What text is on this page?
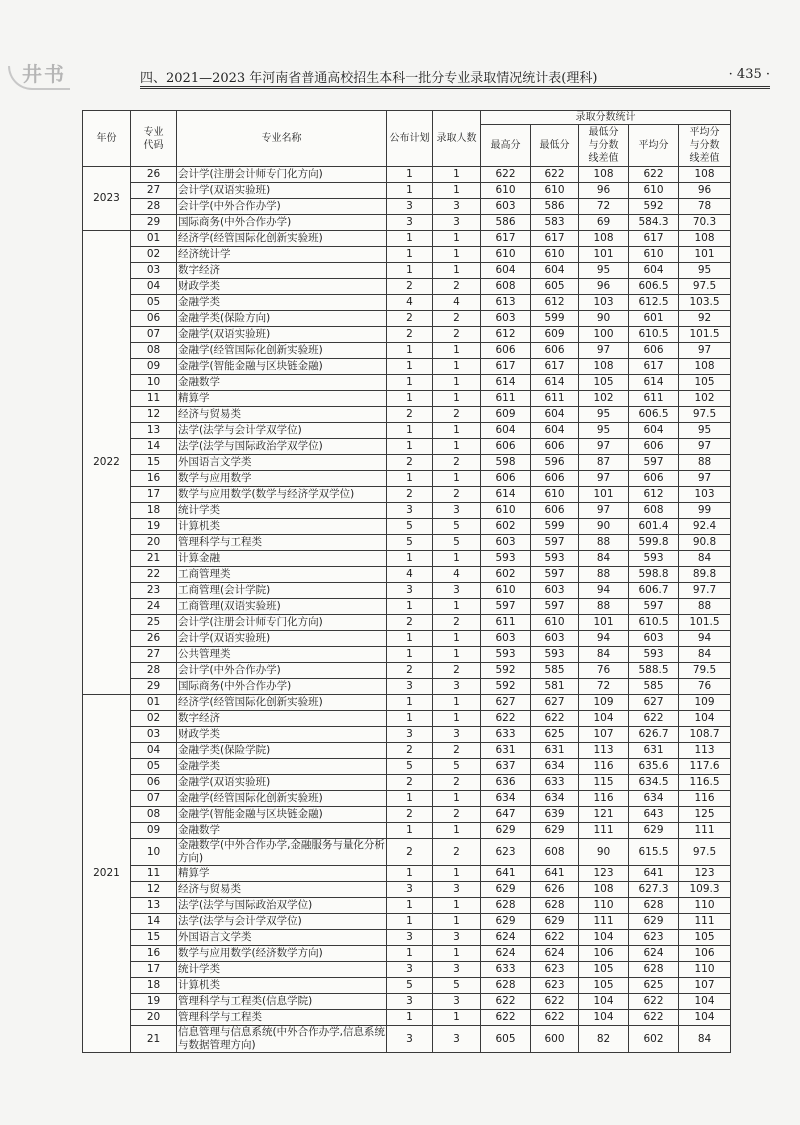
井书	四、2021—2023 年河南省普通高校招生本科一批分专业录取情况统计表(理科)	· 435 ·
年份	专业代码	专业名称	公布计划	录取人数	录取分数统计				
					最高分	最低分	最低分与分数线差值	平均分	平均分与分数线差值

2023	26	会计学(注册会计师专门化方向)	1	1	622	622	108	622	108
	27	会计学(双语实验班)	1	1	610	610	96	610	96
	28	会计学(中外合作办学)	3	3	603	586	72	592	78
	29	国际商务(中外合作办学)	3	3	586	583	69	584.3	70.3
2022	01	经济学(经管国际化创新实验班)	1	1	617	617	108	617	108
	02	经济统计学	1	1	610	610	101	610	101
	03	数字经济	1	1	604	604	95	604	95
	04	财政学类	2	2	608	605	96	606.5	97.5
	05	金融学类	4	4	613	612	103	612.5	103.5
	06	金融学类(保险方向)	2	2	603	599	90	601	92
	07	金融学(双语实验班)	2	2	612	609	100	610.5	101.5
	08	金融学(经管国际化创新实验班)	1	1	606	606	97	606	97
	09	金融学(智能金融与区块链金融)	1	1	617	617	108	617	108
	10	金融数学	1	1	614	614	105	614	105
	11	精算学	1	1	611	611	102	611	102
	12	经济与贸易类	2	2	609	604	95	606.5	97.5
	13	法学(法学与会计学双学位)	1	1	604	604	95	604	95
	14	法学(法学与国际政治学双学位)	1	1	606	606	97	606	97
	15	外国语言文学类	2	2	598	596	87	597	88
	16	数学与应用数学	1	1	606	606	97	606	97
	17	数学与应用数学(数学与经济学双学位)	2	2	614	610	101	612	103
	18	统计学类	3	3	610	606	97	608	99
	19	计算机类	5	5	602	599	90	601.4	92.4
	20	管理科学与工程类	5	5	603	597	88	599.8	90.8
	21	计算金融	1	1	593	593	84	593	84
	22	工商管理类	4	4	602	597	88	598.8	89.8
	23	工商管理(会计学院)	3	3	610	603	94	606.7	97.7
	24	工商管理(双语实验班)	1	1	597	597	88	597	88
	25	会计学(注册会计师专门化方向)	2	2	611	610	101	610.5	101.5
	26	会计学(双语实验班)	1	1	603	603	94	603	94
	27	公共管理类	1	1	593	593	84	593	84
	28	会计学(中外合作办学)	2	2	592	585	76	588.5	79.5
	29	国际商务(中外合作办学)	3	3	592	581	72	585	76
2021	01	经济学(经管国际化创新实验班)	1	1	627	627	109	627	109
	02	数字经济	1	1	622	622	104	622	104
	03	财政学类	3	3	633	625	107	626.7	108.7
	04	金融学类(保险学院)	2	2	631	631	113	631	113
	05	金融学类	5	5	637	634	116	635.6	117.6
	06	金融学(双语实验班)	2	2	636	633	115	634.5	116.5
	07	金融学(经管国际化创新实验班)	1	1	634	634	116	634	116
	08	金融学(智能金融与区块链金融)	2	2	647	639	121	643	125
	09	金融数学	1	1	629	629	111	629	111
	10	金融数学(中外合作办学,金融服务与量化分析方向)	2	2	623	608	90	615.5	97.5
	11	精算学	1	1	641	641	123	641	123
	12	经济与贸易类	3	3	629	626	108	627.3	109.3
	13	法学(法学与国际政治双学位)	1	1	628	628	110	628	110
	14	法学(法学与会计学双学位)	1	1	629	629	111	629	111
	15	外国语言文学类	3	3	624	622	104	623	105
	16	数学与应用数学(经济数学方向)	1	1	624	624	106	624	106
	17	统计学类	3	3	633	623	105	628	110
	18	计算机类	5	5	628	623	105	625	107
	19	管理科学与工程类(信息学院)	3	3	622	622	104	622	104
	20	管理科学与工程类	1	1	622	622	104	622	104
	21	信息管理与信息系统(中外合作办学,信息系统与数据管理方向)	3	3	605	600	82	602	84
